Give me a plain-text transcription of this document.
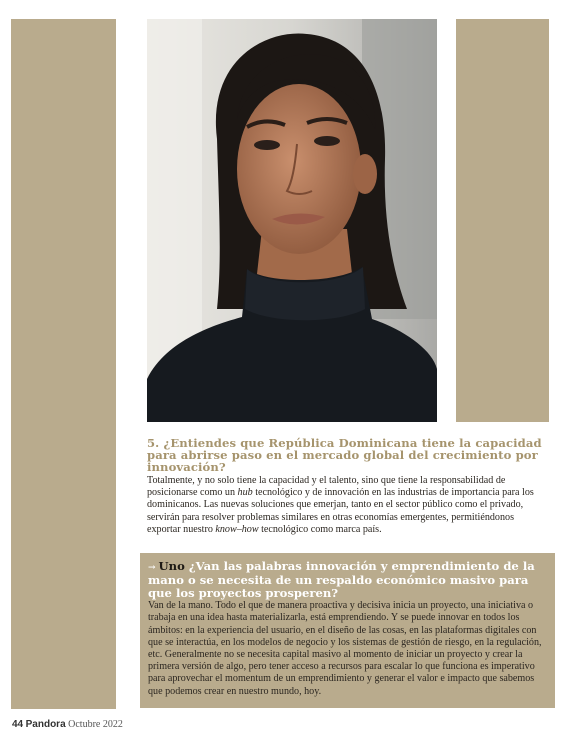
5. ¿Entiendes que República Dominicana tiene la capacidad para abrirse paso en el mercado global del crecimiento por innovación?

Totalmente, y no solo tiene la capacidad y el talento, sino que tiene la responsabilidad de posicionarse como un hub tecnológico y de innovación en las industrias de importancia para los dominicanos. Las nuevas soluciones que emerjan, tanto en el sector público como el privado, servirán para resolver problemas similares en otras economías emergentes, permitiéndonos exportar nuestro know–how tecnológico como marca país.

→ Uno ¿Van las palabras innovación y emprendimiento de la mano o se necesita de un respaldo económico masivo para que los proyectos prosperen?

Van de la mano. Todo el que de manera proactiva y decisiva inicia un proyecto, una iniciativa o trabaja en una idea hasta materializarla, está emprendiendo. Y se puede innovar en todos los ámbitos: en la experiencia del usuario, en el diseño de las cosas, en las plataformas digitales con que se interactúa, en los modelos de negocio y los sistemas de gestión de riesgo, en la regulación, etc. Generalmente no se necesita capital masivo al momento de iniciar un proyecto y crear la primera versión de algo, pero tener acceso a recursos para escalar lo que funciona es imperativo para aprovechar el momentum de un emprendimiento y generar el valor e impacto que sabemos que podemos crear en nuestro mundo, hoy.

44 Pandora Octubre 2022
